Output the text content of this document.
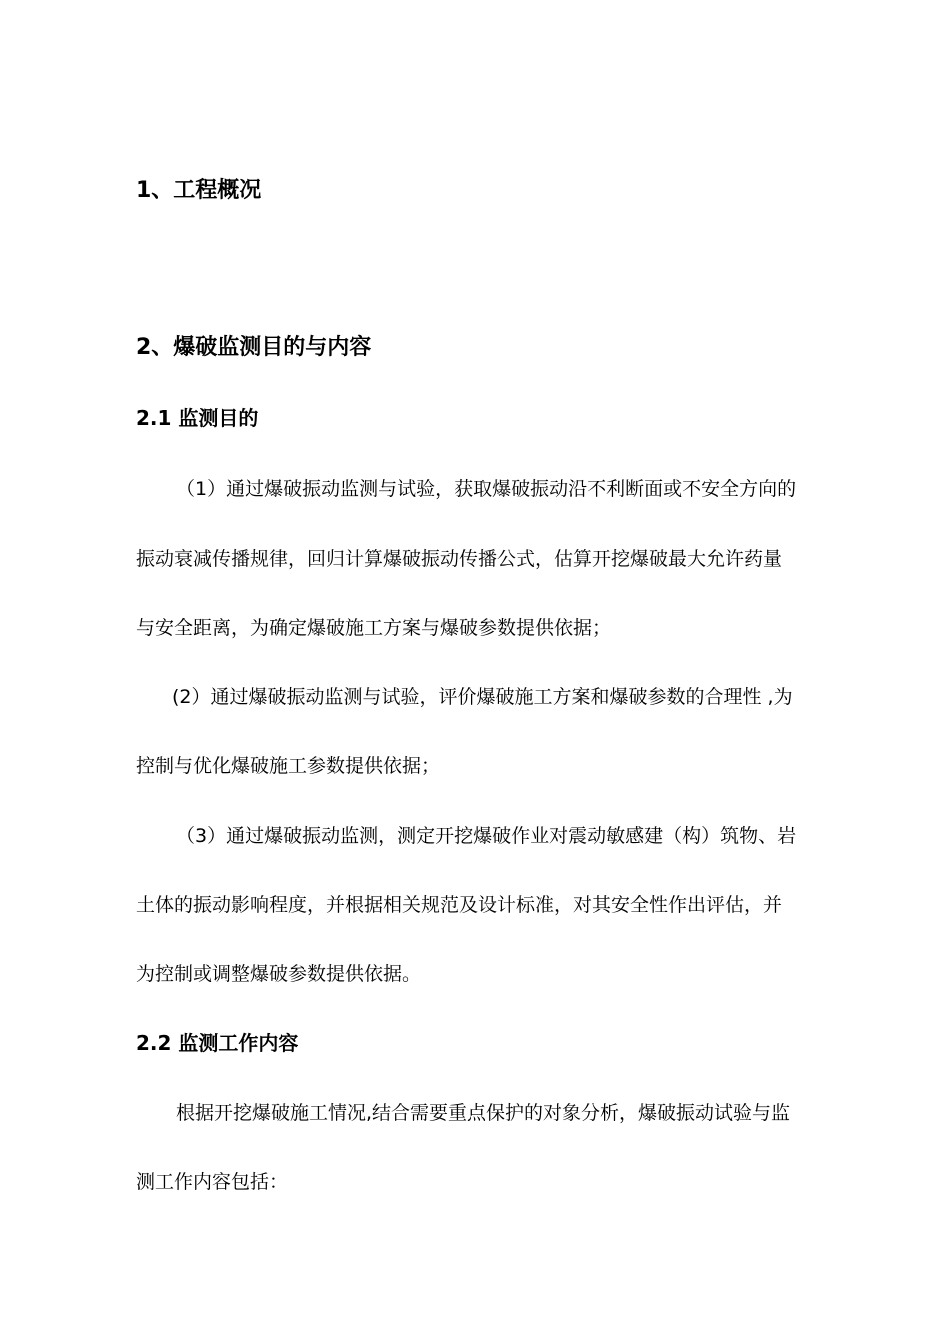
1、工程概况
2、爆破监测目的与内容
2.1 监测目的
（1）通过爆破振动监测与试验，获取爆破振动沿不利断面或不安全方向的
振动衰减传播规律，回归计算爆破振动传播公式，估算开挖爆破最大允许药量
与安全距离，为确定爆破施工方案与爆破参数提供依据；
(2）通过爆破振动监测与试验，评价爆破施工方案和爆破参数的合理性 ,为
控制与优化爆破施工参数提供依据；
（3）通过爆破振动监测，测定开挖爆破作业对震动敏感建（构）筑物、岩
土体的振动影响程度，并根据相关规范及设计标准，对其安全性作出评估，并
为控制或调整爆破参数提供依据。
2.2 监测工作内容
根据开挖爆破施工情况,结合需要重点保护的对象分析，爆破振动试验与监
测工作内容包括：
